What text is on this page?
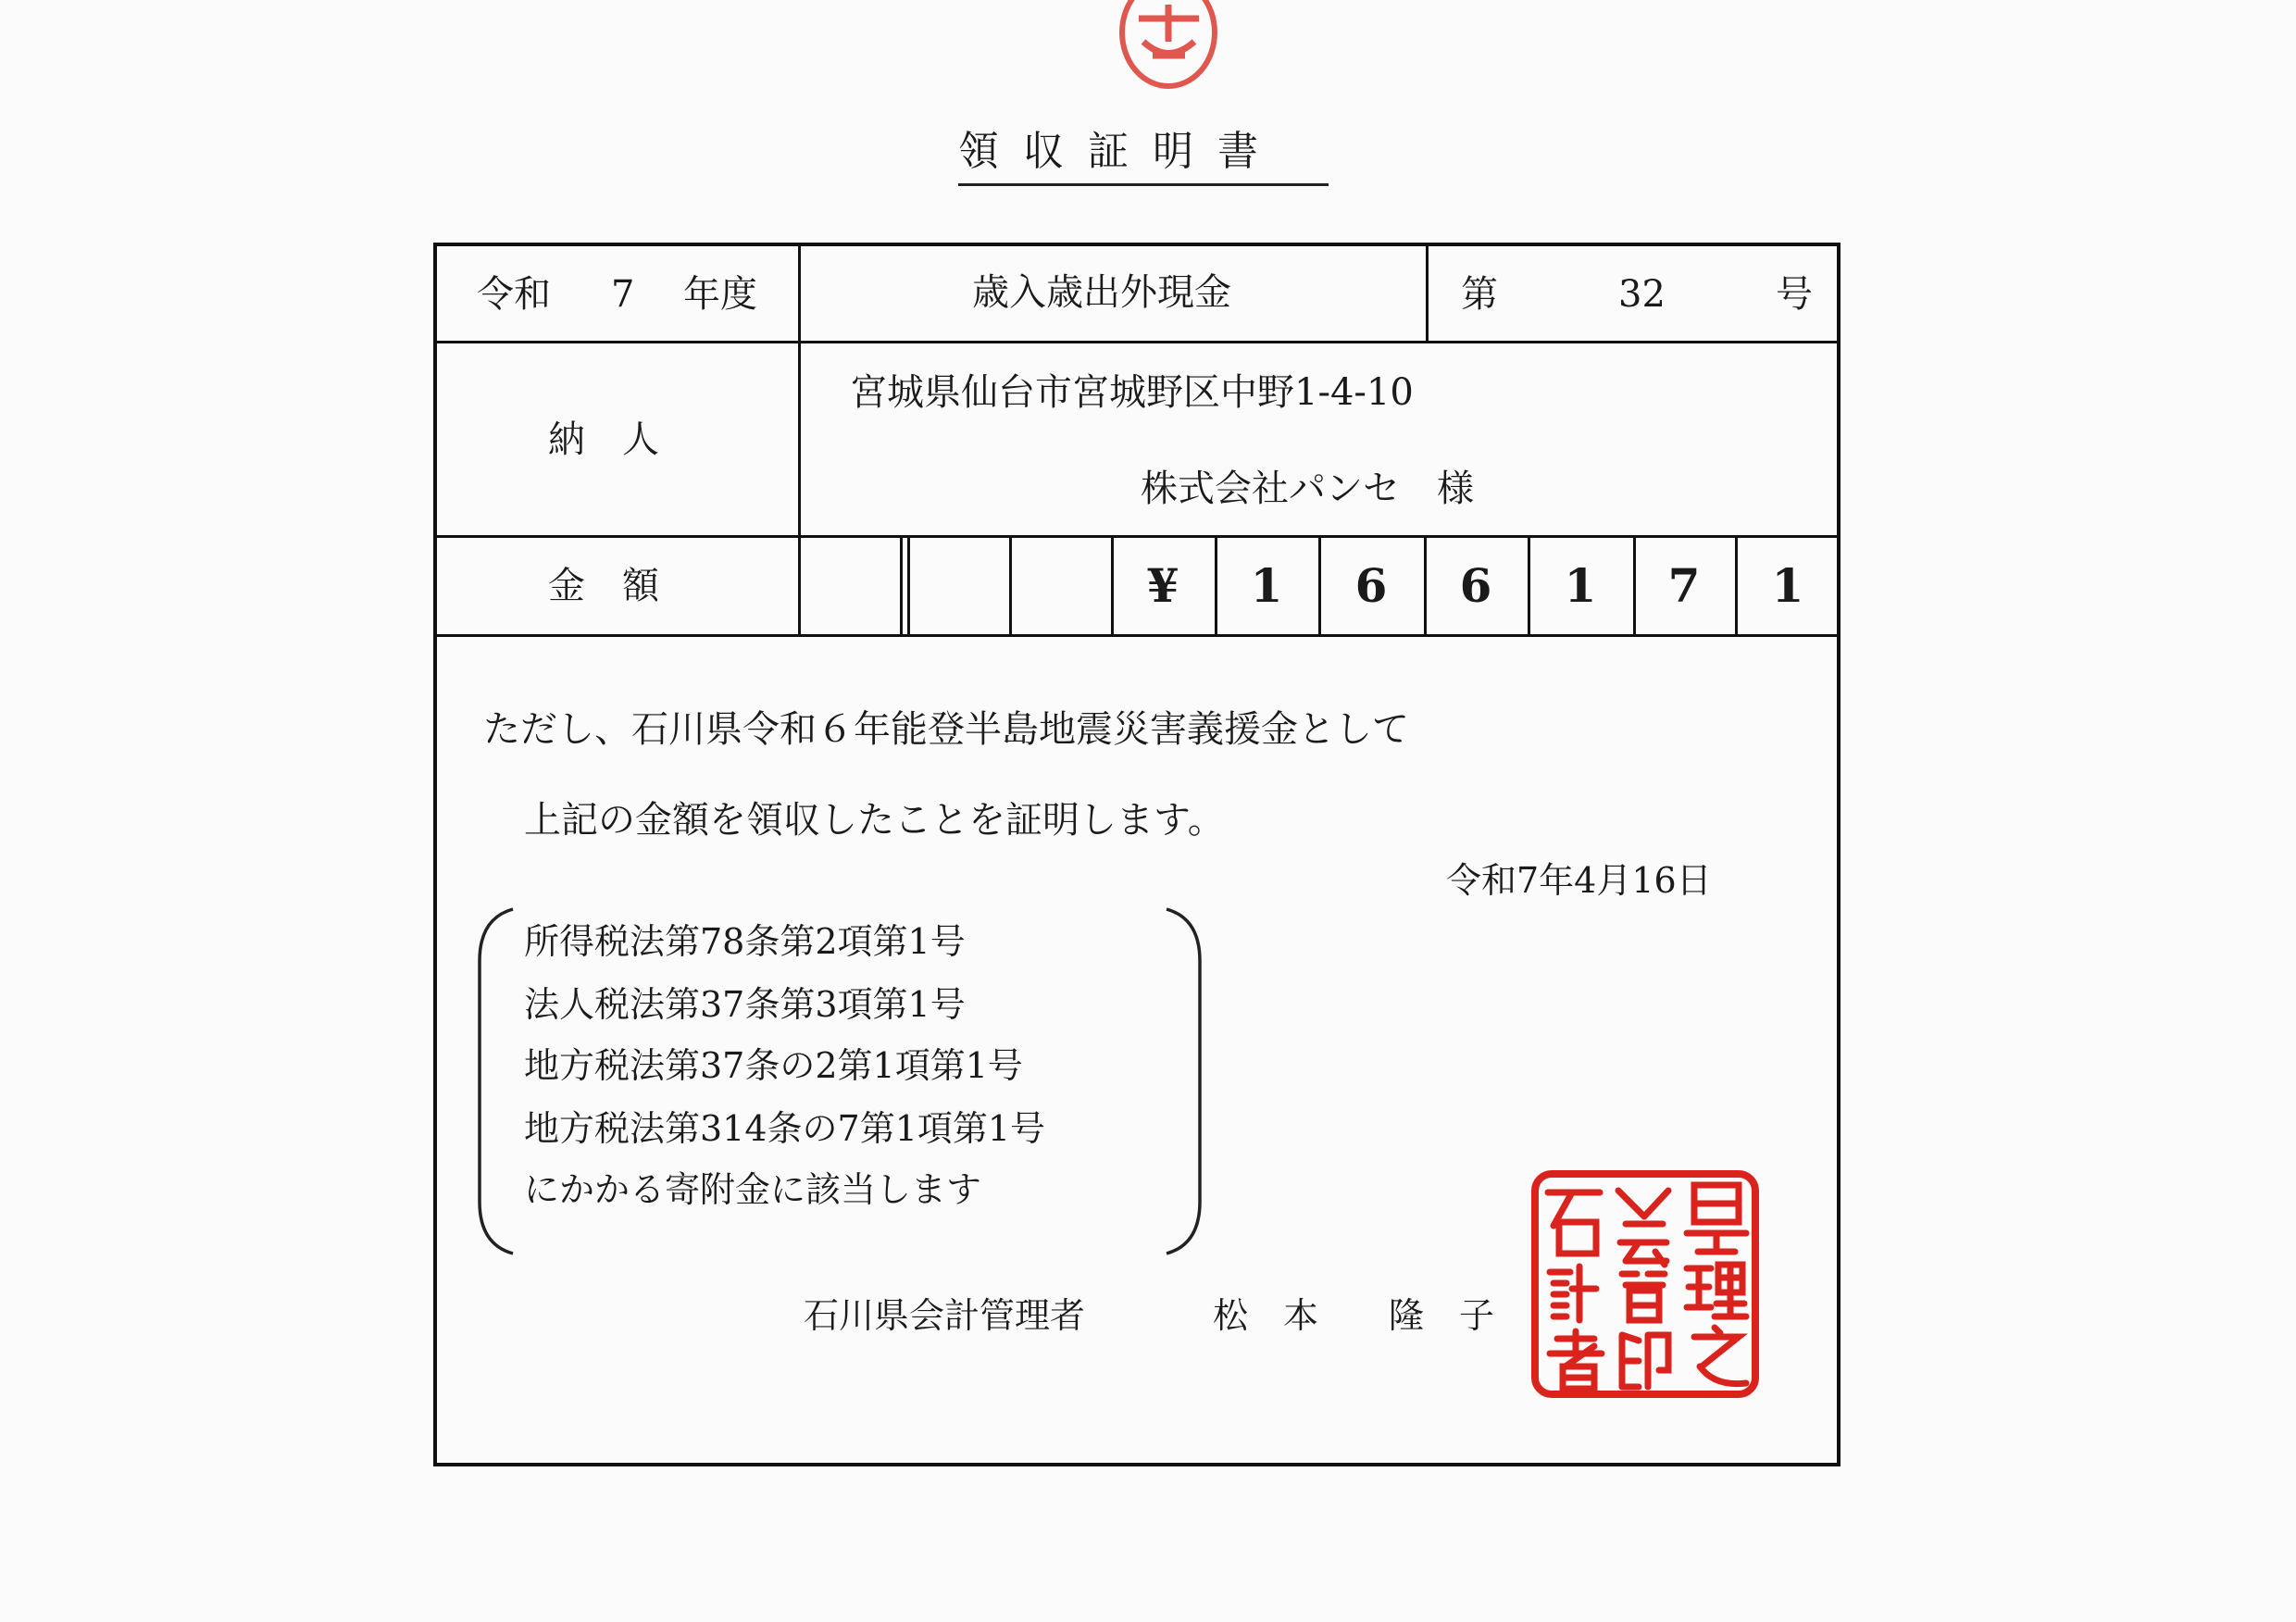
領収証明書
令和 7 年度	歳入歳出外現金	第	32	号
納　人
宮城県仙台市宮城野区中野1-4-10
株式会社パンセ　様
金　額	¥	1	6	6	1	7	1
ただし、石川県令和６年能登半島地震災害義援金として
上記の金額を領収したことを証明します。
令和7年4月16日
所得税法第78条第2項第1号
法人税法第37条第3項第1号
地方税法第37条の2第1項第1号
地方税法第314条の7第1項第1号
にかかる寄附金に該当します
石川県会計管理者	松　本　　隆　子
